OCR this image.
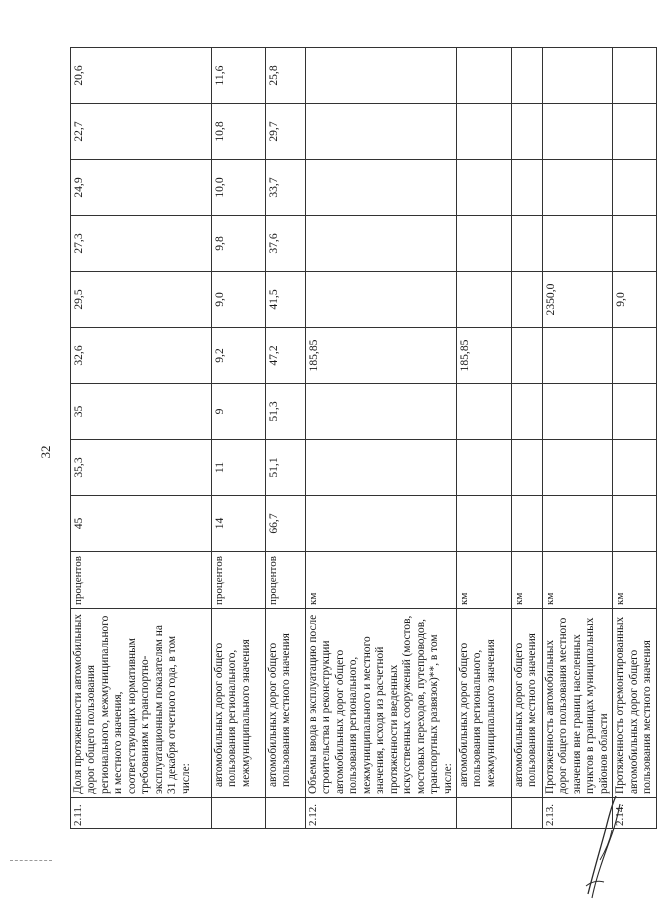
32
2.11.	Доля протяженности автомобильных дорог общего пользования регионального, межмуниципального и местного значения, соответствующих нормативным требованиям к транспортно-эксплуатационным показателям на 31 декабря отчетного года, в том числе:	процентов	45	35,3	35	32,6	29,5	27,3	24,9	22,7	20,6
	автомобильных дорог общего пользования регионального, межмуниципального значения	процентов	14	11	9	9,2	9,0	9,8	10,0	10,8	11,6
	автомобильных дорог общего пользования местного значения	процентов	66,7	51,1	51,3	47,2	41,5	37,6	33,7	29,7	25,8
2.12.	Объемы ввода в эксплуатацию после строительства и реконструкции автомобильных дорог общего пользования регионального, межмуниципального и местного значения, исходя из расчетной протяженности введенных искусственных сооружений (мостов, мостовых переходов, путепроводов, транспортных развязок)**, в том числе:	км				185,85					
	автомобильных дорог общего пользования регионального, межмуниципального значения	км				185,85					
	автомобильных дорог общего пользования местного значения	км									
2.13.	Протяженность автомобильных дорог общего пользования местного значения вне границ населенных пунктов в границах муниципальных районов области	км					2350,0				
2.14.	Протяженность отремонтированных автомобильных дорог общего пользования местного значения	км					9,0				
